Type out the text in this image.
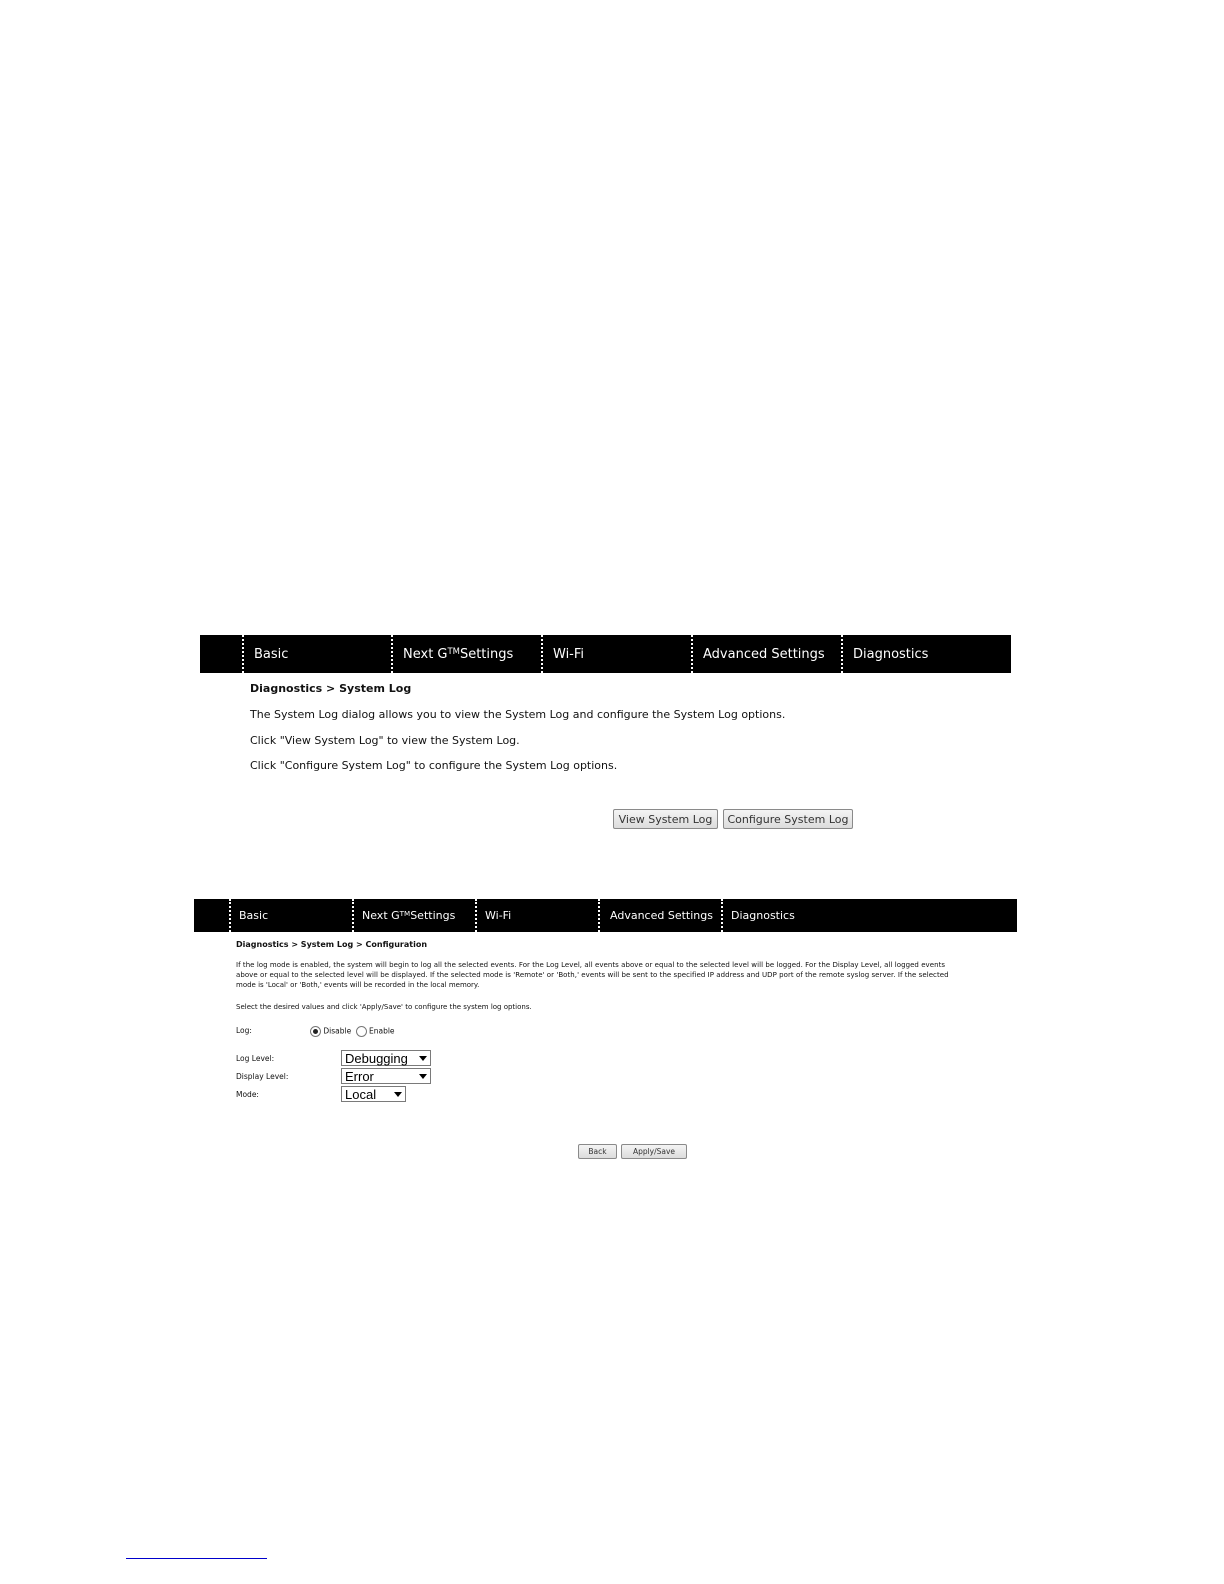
Basic	Next G™ Settings	Wi-Fi	Advanced Settings Diagnostics
Diagnostics > System Log
The System Log dialog allows you to view the System Log and configure the System Log options.
Click "View System Log" to view the System Log.
Click "Configure System Log" to configure the System Log options.
View System Log	Configure System Log
Basic	Next G™ Settings	Wi-Fi	Advanced Settings Diagnostics
Diagnostics > System Log > Configuration
If the log mode is enabled, the system will begin to log all the selected events. For the Log Level, all events above or equal to the selected level will be logged. For the Display Level, all logged events
above or equal to the selected level will be displayed. If the selected mode is 'Remote' or 'Both,' events will be sent to the specified IP address and UDP port of the remote syslog server. If the selected
mode is 'Local' or 'Both,' events will be recorded in the local memory.
Select the desired values and click 'Apply/Save' to configure the system log options.
Log:	Disable Enable
Log Level:	Debugging
Display Level:	Error
Mode:	Local
Back	Apply/Save
